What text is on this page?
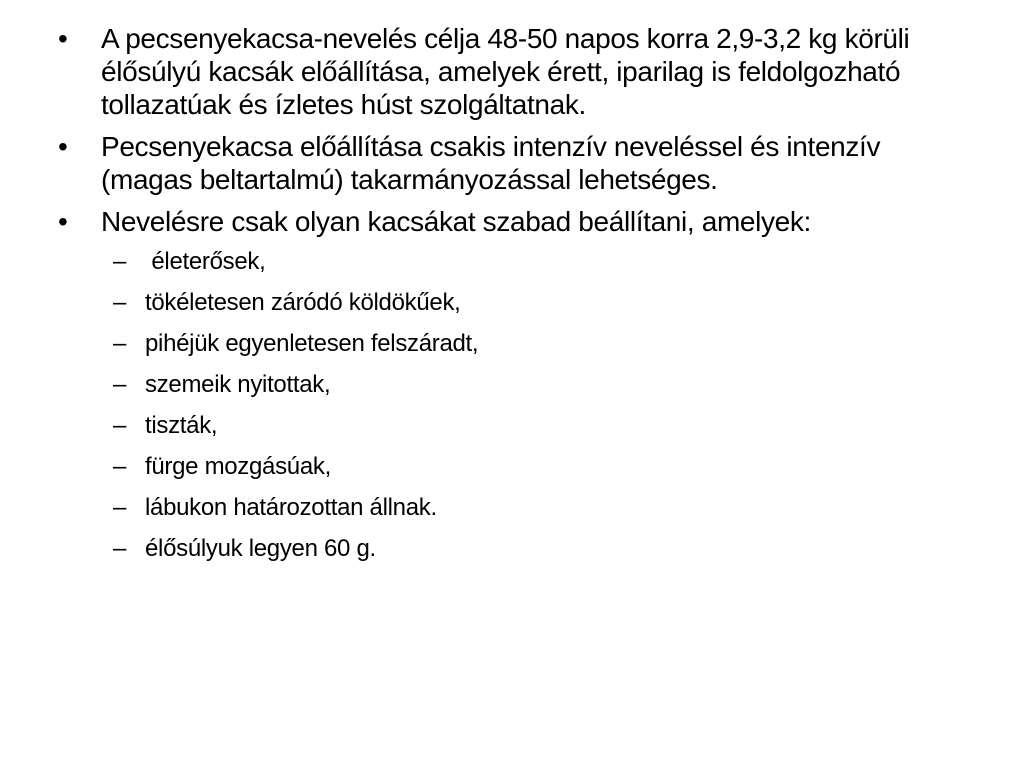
•	A pecsenyekacsa-nevelés célja 48-50 napos korra 2,9-3,2 kg körüli élősúlyú kacsák előállítása, amelyek érett, iparilag is feldolgozható tollazatúak és ízletes húst szolgáltatnak.
•	Pecsenyekacsa előállítása csakis intenzív neveléssel és intenzív (magas beltartalmú) takarmányozással lehetséges.
•	Nevelésre csak olyan kacsákat szabad beállítani, amelyek:
– életerősek,
– tökéletesen záródó köldökűek,
– pihéjük egyenletesen felszáradt,
– szemeik nyitottak,
– tiszták,
– fürge mozgásúak,
– lábukon határozottan állnak.
– élősúlyuk legyen 60 g.
